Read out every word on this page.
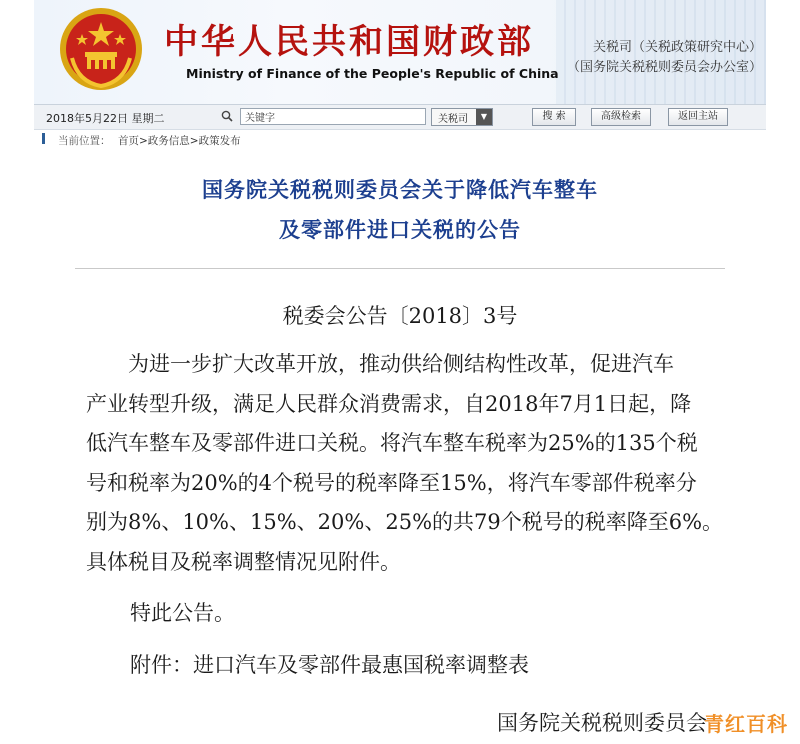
中华人民共和国财政部
Ministry of Finance of the People's Republic of China
关税司（关税政策研究中心）
（国务院关税税则委员会办公室）
2018年5月22日 星期二
关键字	关税司	▼	搜 索	高级检索	返回主站
当前位置： 首页>政务信息>政策发布
国务院关税税则委员会关于降低汽车整车
及零部件进口关税的公告
税委会公告〔2018〕3号
　　为进一步扩大改革开放，推动供给侧结构性改革，促进汽车
产业转型升级，满足人民群众消费需求，自2018年7月1日起，降
低汽车整车及零部件进口关税。将汽车整车税率为25%的135个税
号和税率为20%的4个税号的税率降至15%，将汽车零部件税率分
别为8%、10%、15%、20%、25%的共79个税号的税率降至6%。
具体税目及税率调整情况见附件。
特此公告。
附件：进口汽车及零部件最惠国税率调整表
国务院关税税则委员会
青红百科
